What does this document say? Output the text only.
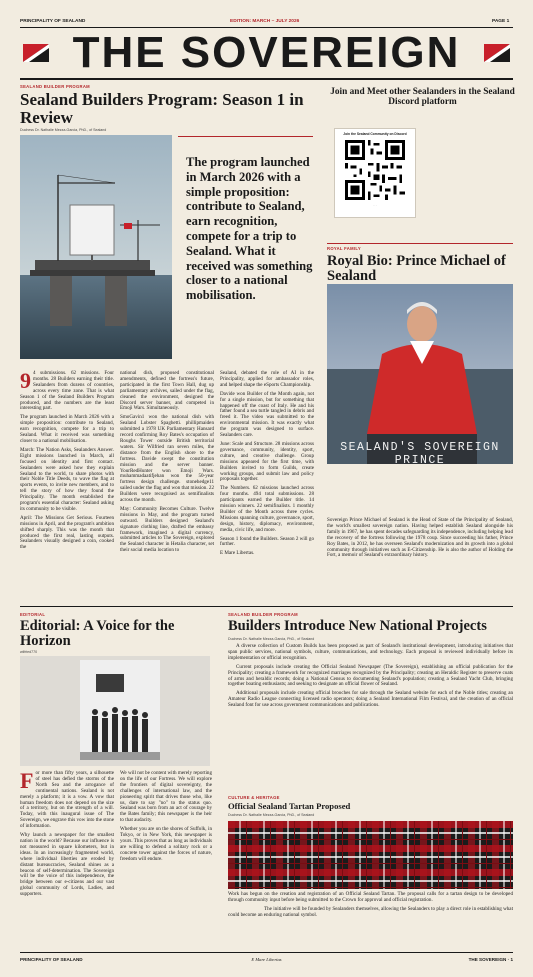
PRINCIPALITY OF SEALAND	EDITION: MARCH – JULY 2026	PAGE 1
THE SOVEREIGN
SEALAND BUILDER PROGRAM
Sealand Builders Program: Season 1 in Review
Duchess Dr. Nathalie Mezza-Garcia, PhD., of Sealand
The program launched in March 2026 with a simple proposition: contribute to Sealand, earn recognition, compete for a trip to Sealand. What it received was something closer to a national mobilisation.
9 4 submissions. 62 missions. Four months. 28 Builders earning their title. Sealanders from dozens of countries, across every time zone. That is what Season 1 of the Sealand Builders Program produced, and the numbers are the least interesting part.

The program launched in March 2026 with a simple proposition: contribute to Sealand, earn recognition, compete for a trip to Sealand. What it received was something closer to a national mobilisation.

March: The Nation Asks, Sealanders Answer. Eight missions launched in March, all focused on identity and first contact. Sealanders were asked how they explain Sealand to the world, to share photos with their Noble Title Deeds, to wave the flag at sports events, to invite new members, and to tell the story of how they found the Principality. The month established the program's essential character: Sealand asking its community to be visible.

April: The Missions Get Serious. Fourteen missions in April, and the program's ambition shifted sharply. This was the month that produced the first real, lasting outputs. Sealanders visually designed a coin, cooked the

national dish, proposed constitutional amendments, defined the fortress's future, participated in the first Town Hall, dug up parliamentary archives, sailed under the flag, cleaned the environment, designed the Discord server banner, and competed in Emoji Wars. Simultaneously.

SmoGavin1 won the national dish with Sealand Lobster Spaghetti. phillipmaiden submitted a 1978 UK Parliamentary Hansard record confirming Roy Bates's occupation of Roughs Tower outside British territorial waters. Sir Wilfried ran seven miles, the distance from the English shore to the fortress. Davide swept the constitution mission and the server banner. YourRedHunter won Emoji Wars. muhammadaatifjehan won the 50-year fortress design challenge. stonehedge11 sailed under the flag and won that mission. 22 Builders were recognised as semifinalists across the month.

May: Community Becomes Culture. Twelve missions in May, and the program turned outward. Builders designed Sealand's signature clothing line, drafted the embassy framework, imagined a digital currency, submitted articles to The Sovereign, explored the Sealand character in Hetalia character, set their social media location to

Sealand, debated the role of AI in the Principality, applied for ambassador roles, and helped shape the eSports Championship.

Davide won Builder of the Month again, not for a single mission, but for something that happened off the coast of Italy. He and his father found a sea turtle tangled in debris and freed it. The video was submitted to the environmental mission. It was exactly what the program was designed to surface. Sealanders care.

June: Scale and Structure. 28 missions across governance, community, identity, sport, culture, and creative challenge. Group missions appeared for the first time, with Builders invited to form Guilds, create working groups, and submit law and policy proposals together.

The Numbers. 62 missions launched across four months. 494 total submissions. 28 participants earned the Builder title. 14 mission winners. 22 semifinalists. 1 monthly Builder of the Month across three cycles. Missions spanning culture, governance, sport, design, history, diplomacy, environment, media, civic life, and more.

Season 1 found the Builders. Season 2 will go further.

E Mare Libertas.

Join and Meet other Sealanders in the Sealand Discord platform
Join the Sealand Community on Discord
· · ·
ROYAL FAMILY
Royal Bio: Prince Michael of Sealand
SEALAND'S SOVEREIGN PRINCE
Sovereign Prince Michael of Sealand is the Head of State of the Principality of Sealand, the world's smallest sovereign nation. Having helped establish Sealand alongside his family in 1967, he has spent decades safeguarding its independence, including helping lead the recovery of the fortress following the 1978 coup. Since succeeding his father, Prince Roy Bates, in 2012, he has overseen Sealand's modernization and its growth into a global community through initiatives such as E-Citizenship. He is also the author of Holding the Fort, a memoir of Sealand's extraordinary history.
EDITORIAL
Editorial: A Voice for the Horizon
wilfried770
F or more than fifty years, a silhouette of steel has defied the storms of the North Sea and the arrogance of continental nations. Sealand is not merely a platform; it is a vow. A vow that human freedom does not depend on the size of a territory, but on the strength of a will. Today, with this inaugural issue of The Sovereign, we engrave this vow into the stone of information.

Why launch a newspaper for the smallest nation in the world? Because our influence is not measured in square kilometers, but in ideas. In an increasingly fragmented world, where individual liberties are eroded by distant bureaucracies, Sealand shines as a beacon of self-determination. The Sovereign will be the voice of this independence, the bridge between our e-citizens and our vast global community of Lords, Ladies, and supporters.

We will not be content with merely reporting on the life of our Fortress. We will explore the frontiers of digital sovereignty, the challenges of international law, and the pioneering spirit that drives those who, like us, dare to say "no" to the status quo. Sealand was born from an act of courage by the Bates family; this newspaper is the heir to that audacity.

Whether you are on the shores of Suffolk, in Tokyo, or in New York, this newspaper is yours. This proves that as long as individuals are willing to defend a solitary rock or a concrete tower against the forces of nature, freedom will endure.

SEALAND BUILDER PROGRAM
Builders Introduce New National Projects
Duchess Dr. Nathalie Mezza-Garcia, PhD., of Sealand

A diverse collection of Custom Builds has been proposed as part of Sealand's institutional development, introducing initiatives that span public services, national symbols, culture, communications, and technology. Each proposal is reviewed individually before its implementation or official recognition.

Current proposals include creating the Official Sealand Newspaper (The Sovereign), establishing an official publication for the Principality; creating a framework for recognized marriages recognized by the Principality; creating an Heraldic Register to preserve coats of arms and heraldic records; doing a National Census to documenting Sealand's population; creating a Sealand Yacht Club, bringing together boating enthusiasts; and seeking to designate an official flower of Sealand.

Additional proposals include creating official brooches for sale through the Sealand website for each of the Noble titles; creating an Amateur Radio League connecting licensed radio operators; doing a Sealand International Film Festival, and the creation of an official Sealand font for use across government communications and publications.

CULTURE & HERITAGE
Official Sealand Tartan Proposed
Duchess Dr. Nathalie Mezza-Garcia, PhD., of Sealand

Work has begun on the creation and registration of an Official Sealand Tartan. The proposal calls for a tartan design to be developed through community input before being submitted to the Crown for approval and official registration.

The initiative will be founded by Sealanders themselves, allowing the Sealanders to play a direct role in establishing what could become an enduring national symbol.

PRINCIPALITY OF SEALAND	E Mare Libertas	THE SOVEREIGN · 1
